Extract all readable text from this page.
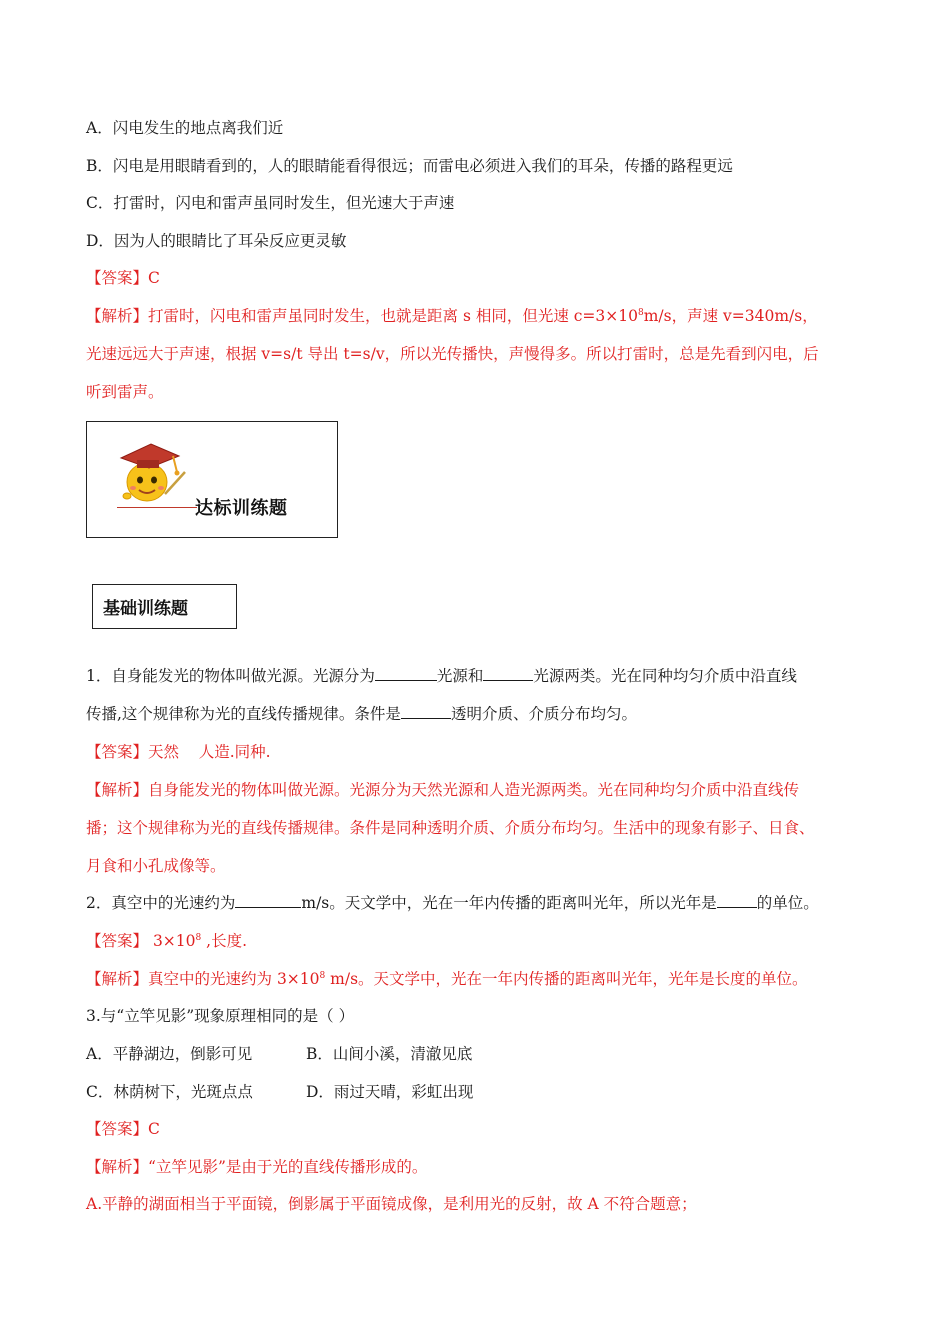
A．闪电发生的地点离我们近
B．闪电是用眼睛看到的，人的眼睛能看得很远；而雷电必须进入我们的耳朵，传播的路程更远
C．打雷时，闪电和雷声虽同时发生，但光速大于声速
D．因为人的眼睛比了耳朵反应更灵敏
【答案】C
【解析】打雷时，闪电和雷声虽同时发生，也就是距离 s 相同，但光速 $c=3\times 10^8m/s$，声速 v=340m/s，
光速远远大于声速，根据 v=s/t 导出 t=s/v，所以光传播快，声慢得多。所以打雷时，总是先看到闪电，后
听到雷声。
达标训练题
基础训练题
1．自身能发光的物体叫做光源。光源分为	光源和	光源两类。光在同种均匀介质中沿直线
传播,这个规律称为光的直线传播规律。条件是	透明介质、介质分布均匀。
【答案】天然    人造.同种.
【解析】自身能发光的物体叫做光源。光源分为天然光源和人造光源两类。光在同种均匀介质中沿直线传
播；这个规律称为光的直线传播规律。条件是同种透明介质、介质分布均匀。生活中的现象有影子、日食、
月食和小孔成像等。
2．真空中的光速约为	m/s。天文学中，光在一年内传播的距离叫光年，所以光年是	的单位。
【答案】 $3\times 10^8$ ,长度.
【解析】真空中的光速约为 $3\times 10^8$ m/s。天文学中，光在一年内传播的距离叫光年，光年是长度的单位。
3.与“立竿见影”现象原理相同的是（ ）
A．平静湖边，倒影可见	B．山间小溪，清澈见底
C．林荫树下，光斑点点	D．雨过天晴，彩虹出现
【答案】C
【解析】“立竿见影”是由于光的直线传播形成的。
A.平静的湖面相当于平面镜，倒影属于平面镜成像，是利用光的反射，故 A 不符合题意；
